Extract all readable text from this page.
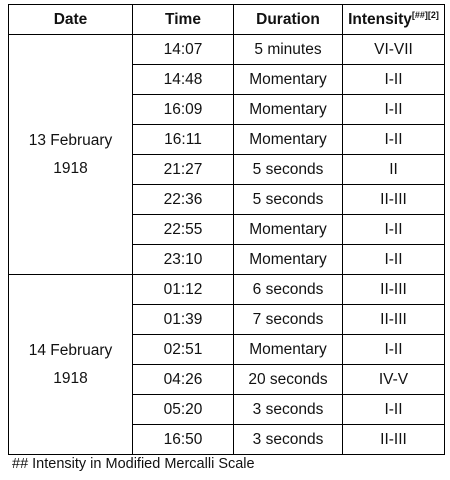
Date	Time	Duration	Intensity[##][2]

13 February
1918	14:07	5 minutes	VI-VII
	14:48	Momentary	I-II
	16:09	Momentary	I-II
	16:11	Momentary	I-II
	21:27	5 seconds	II
	22:36	5 seconds	II-III
	22:55	Momentary	I-II
	23:10	Momentary	I-II

14 February
1918	01:12	6 seconds	II-III
	01:39	7 seconds	II-III
	02:51	Momentary	I-II
	04:26	20 seconds	IV-V
	05:20	3 seconds	I-II
	16:50	3 seconds	II-III
## Intensity in Modified Mercalli Scale
